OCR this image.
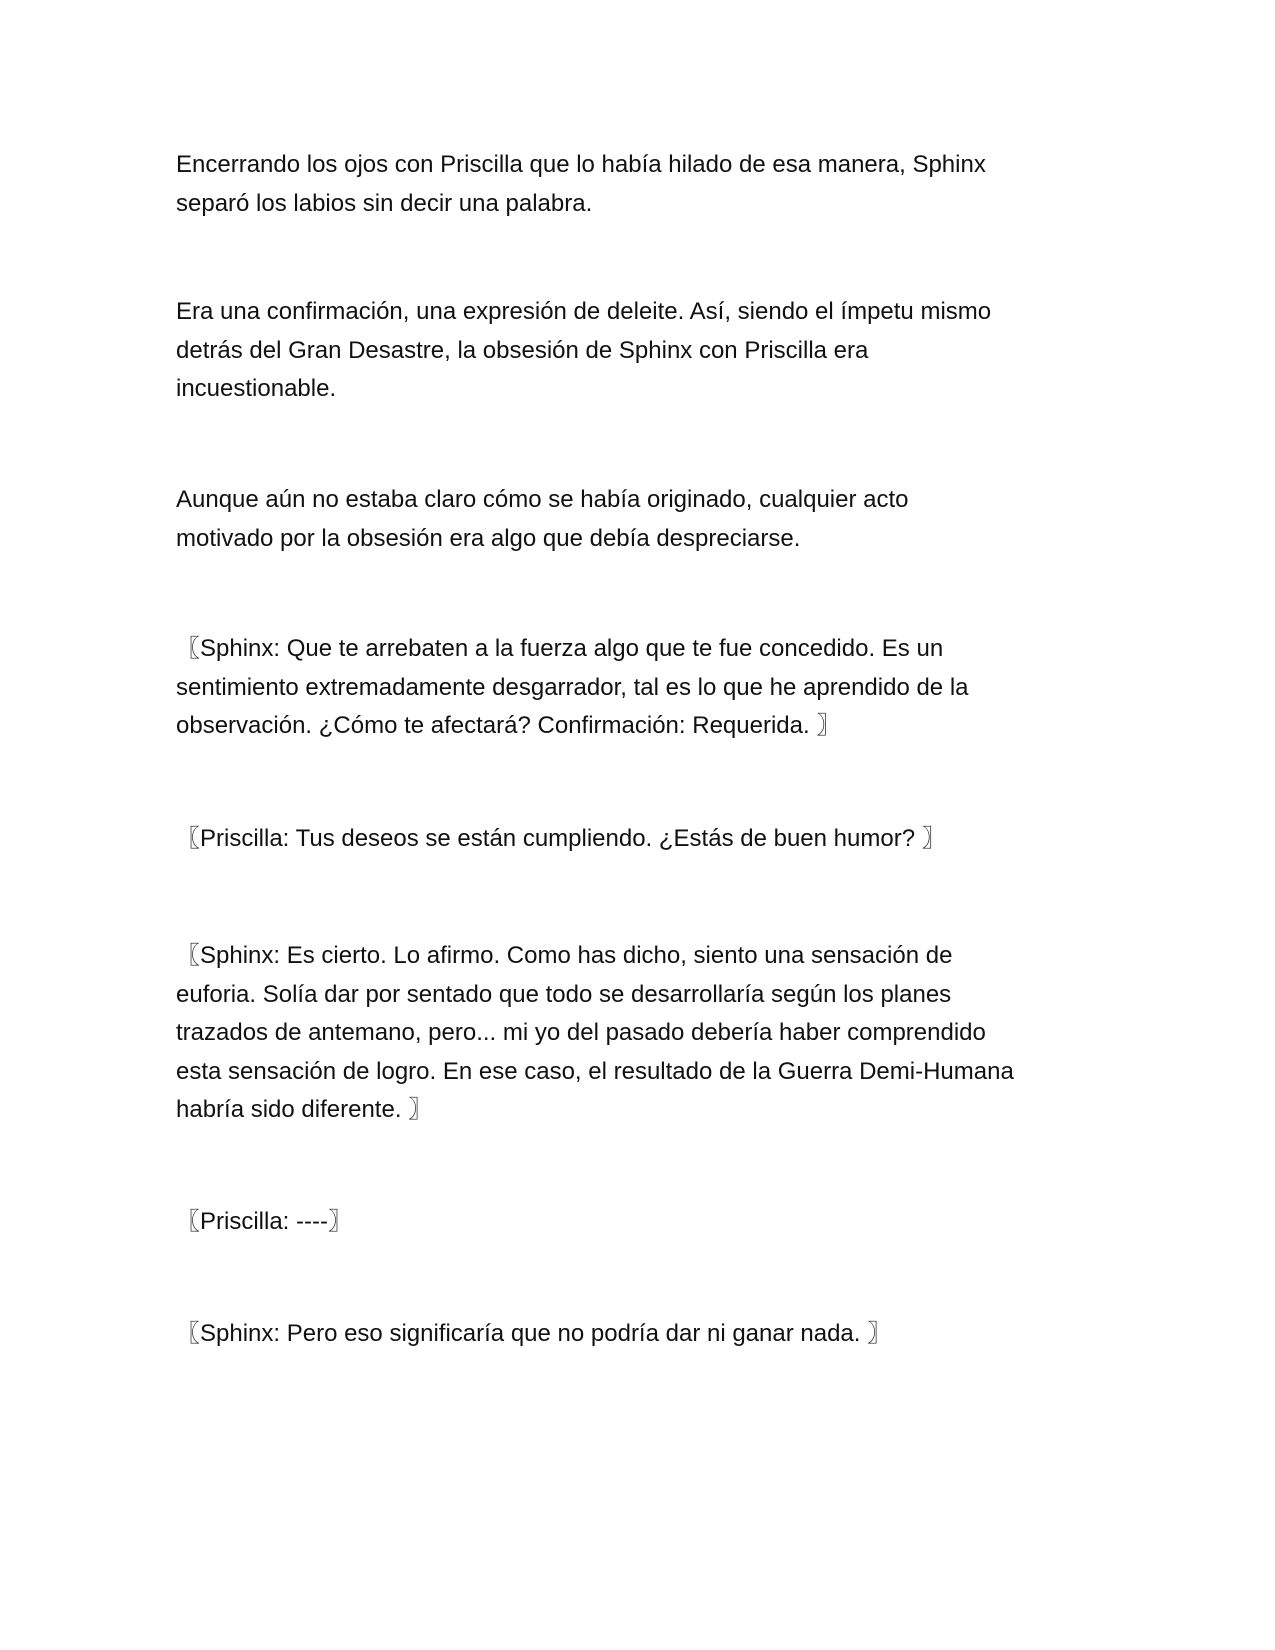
Encerrando los ojos con Priscilla que lo había hilado de esa manera, Sphinx
separó los labios sin decir una palabra.

Era una confirmación, una expresión de deleite. Así, siendo el ímpetu mismo
detrás del Gran Desastre, la obsesión de Sphinx con Priscilla era
incuestionable.

Aunque aún no estaba claro cómo se había originado, cualquier acto
motivado por la obsesión era algo que debía despreciarse.

〖Sphinx: Que te arrebaten a la fuerza algo que te fue concedido. Es un
sentimiento extremadamente desgarrador, tal es lo que he aprendido de la
observación. ¿Cómo te afectará? Confirmación: Requerida. 〗

〖Priscilla: Tus deseos se están cumpliendo. ¿Estás de buen humor? 〗

〖Sphinx: Es cierto. Lo afirmo. Como has dicho, siento una sensación de
euforia. Solía dar por sentado que todo se desarrollaría según los planes
trazados de antemano, pero... mi yo del pasado debería haber comprendido
esta sensación de logro. En ese caso, el resultado de la Guerra Demi-Humana
habría sido diferente. 〗

〖Priscilla: ----〗

〖Sphinx: Pero eso significaría que no podría dar ni ganar nada. 〗
